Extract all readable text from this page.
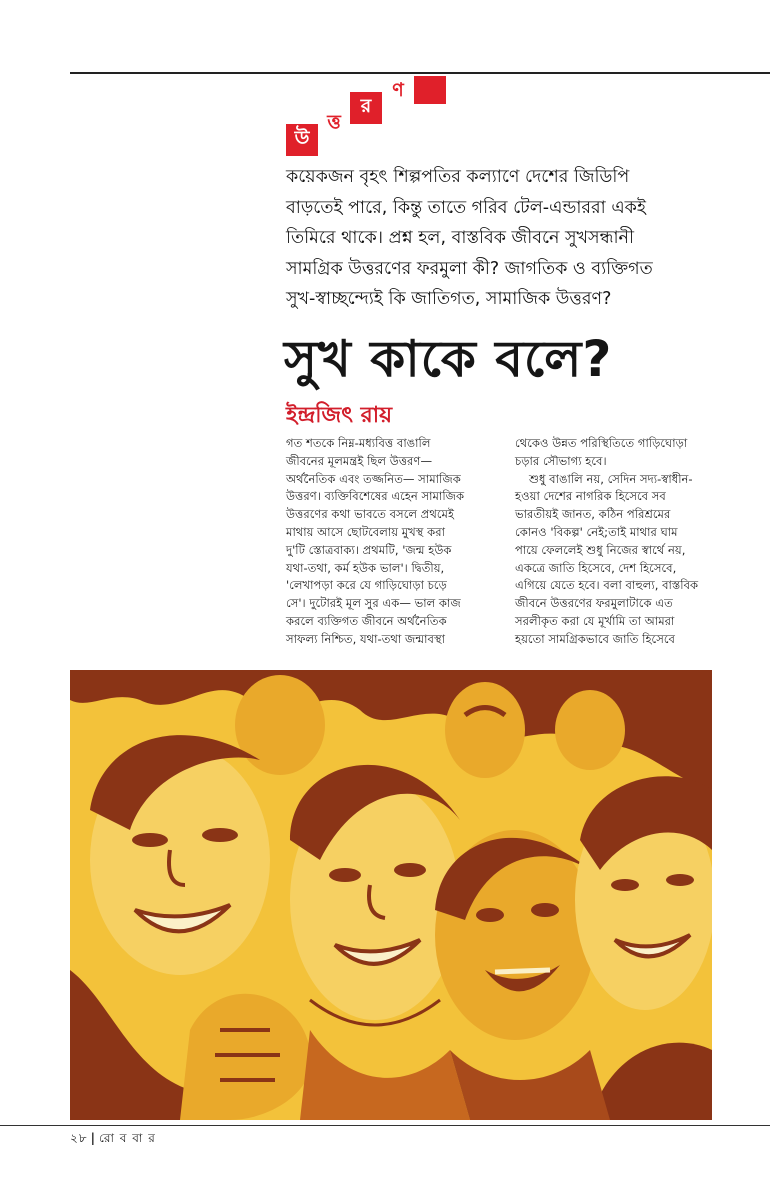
উ
ত্ত
র
ণ

কয়েকজন বৃহৎ শিল্পপতির কল্যাণে দেশের জিডিপি

বাড়তেই পারে, কিন্তু তাতে গরিব টেল-এন্ডাররা একই

তিমিরে থাকে। প্রশ্ন হল, বাস্তবিক জীবনে সুখসন্ধানী

সামগ্রিক উত্তরণের ফরমুলা কী? জাগতিক ও ব্যক্তিগত

সুখ-স্বাচ্ছন্দ্যেই কি জাতিগত, সামাজিক উত্তরণ?

সুখ কাকে বলে?
ইন্দ্রজিৎ রায়

গত শতকে নিম্ন-মধ্যবিত্ত বাঙালি

জীবনের মূলমন্ত্রই ছিল উত্তরণ—

অর্থনৈতিক এবং তজ্জনিত— সামাজিক

উত্তরণ। ব্যক্তিবিশেষের এহেন সামাজিক

উত্তরণের কথা ভাবতে বসলে প্রথমেই

মাথায় আসে ছোটবেলায় মুখস্থ করা

দু'টি স্তোত্রবাক্য। প্রথমটি, 'জন্ম হউক

যথা-তথা, কর্ম হউক ভাল'। দ্বিতীয়,

'লেখাপড়া করে যে গাড়িঘোড়া চড়ে

সে'। দুটোরই মূল সুর এক— ভাল কাজ

করলে ব্যক্তিগত জীবনে অর্থনৈতিক

সাফল্য নিশ্চিত, যথা-তথা জন্মাবস্থা

থেকেও উন্নত পরিস্থিতিতে গাড়িঘোড়া

চড়ার সৌভাগ্য হবে।

শুধু বাঙালি নয়, সেদিন সদ্য-স্বাধীন-

হওয়া দেশের নাগরিক হিসেবে সব

ভারতীয়ই জানত, কঠিন পরিশ্রমের

কোনও 'বিকল্প' নেই;তাই মাথার ঘাম

পায়ে ফেললেই শুধু নিজের স্বার্থে নয়,

একত্রে জাতি হিসেবে, দেশ হিসেবে,

এগিয়ে যেতে হবে। বলা বাহুল্য, বাস্তবিক

জীবনে উত্তরণের ফরমুলাটাকে এত

সরলীকৃত করা যে মূর্খামি তা আমরা

হয়তো সামগ্রিকভাবে জাতি হিসেবে

২৮ | রো ব বা র
